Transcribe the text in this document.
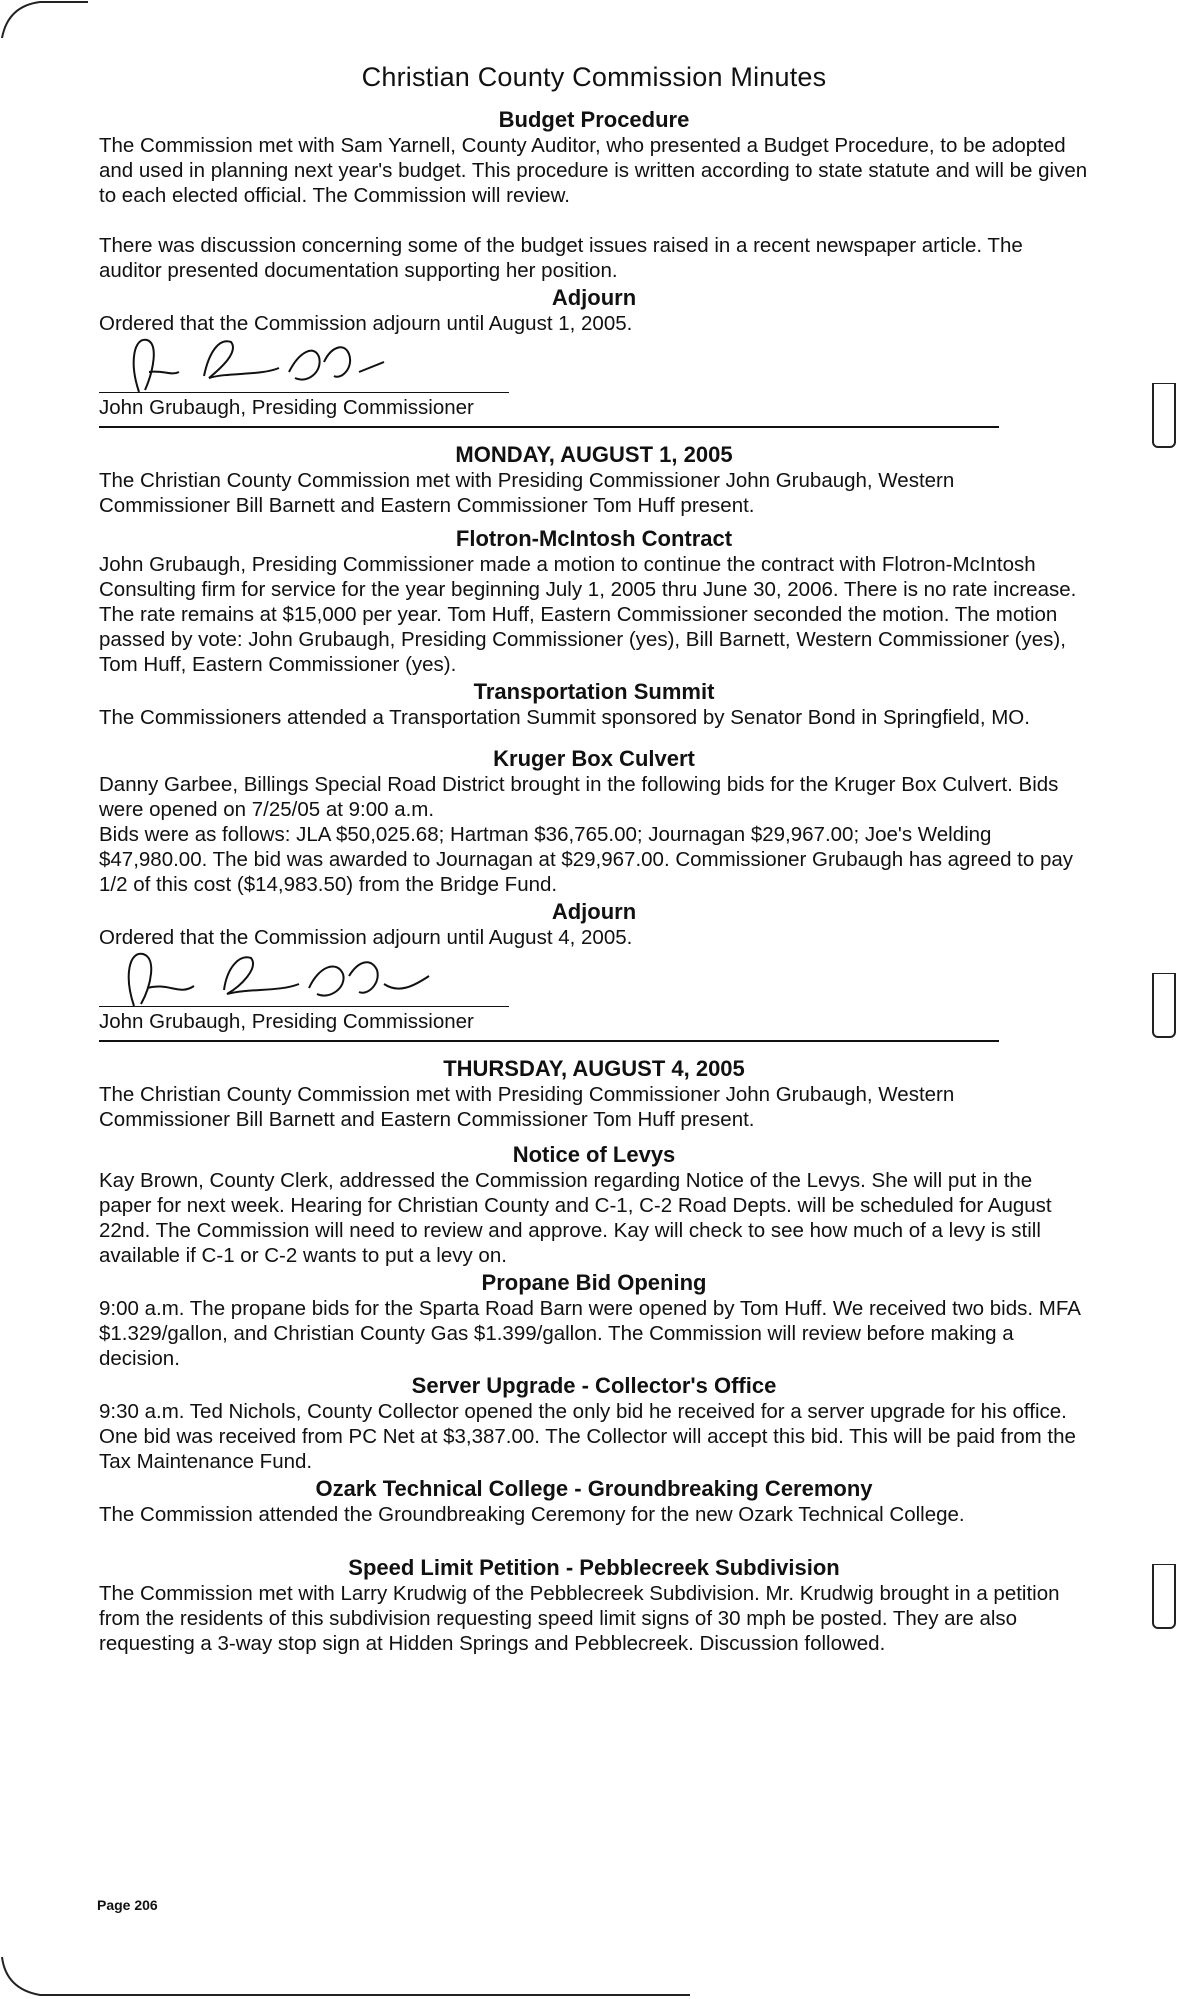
Christian County Commission Minutes
Budget Procedure

The Commission met with Sam Yarnell, County Auditor, who presented a Budget Procedure, to be adopted and used in planning next year's budget. This procedure is written according to state statute and will be given to each elected official. The Commission will review.

There was discussion concerning some of the budget issues raised in a recent newspaper article. The auditor presented documentation supporting her position.

Adjourn

Ordered that the Commission adjourn until August 1, 2005.

John Grubaugh, Presiding Commissioner
MONDAY, AUGUST 1, 2005

The Christian County Commission met with Presiding Commissioner John Grubaugh, Western Commissioner Bill Barnett and Eastern Commissioner Tom Huff present.

Flotron-McIntosh Contract

John Grubaugh, Presiding Commissioner made a motion to continue the contract with Flotron-McIntosh Consulting firm for service for the year beginning July 1, 2005 thru June 30, 2006. There is no rate increase. The rate remains at $15,000 per year. Tom Huff, Eastern Commissioner seconded the motion. The motion passed by vote: John Grubaugh, Presiding Commissioner (yes), Bill Barnett, Western Commissioner (yes), Tom Huff, Eastern Commissioner (yes).

Transportation Summit

The Commissioners attended a Transportation Summit sponsored by Senator Bond in Springfield, MO.

Kruger Box Culvert

Danny Garbee, Billings Special Road District brought in the following bids for the Kruger Box Culvert. Bids were opened on 7/25/05 at 9:00 a.m.

Bids were as follows: JLA $50,025.68; Hartman $36,765.00; Journagan $29,967.00; Joe's Welding $47,980.00. The bid was awarded to Journagan at $29,967.00. Commissioner Grubaugh has agreed to pay 1/2 of this cost ($14,983.50) from the Bridge Fund.

Adjourn

Ordered that the Commission adjourn until August 4, 2005.

John Grubaugh, Presiding Commissioner
THURSDAY, AUGUST 4, 2005

The Christian County Commission met with Presiding Commissioner John Grubaugh, Western Commissioner Bill Barnett and Eastern Commissioner Tom Huff present.

Notice of Levys

Kay Brown, County Clerk, addressed the Commission regarding Notice of the Levys. She will put in the paper for next week. Hearing for Christian County and C-1, C-2 Road Depts. will be scheduled for August 22nd. The Commission will need to review and approve. Kay will check to see how much of a levy is still available if C-1 or C-2 wants to put a levy on.

Propane Bid Opening

9:00 a.m. The propane bids for the Sparta Road Barn were opened by Tom Huff. We received two bids. MFA $1.329/gallon, and Christian County Gas $1.399/gallon. The Commission will review before making a decision.

Server Upgrade - Collector's Office

9:30 a.m. Ted Nichols, County Collector opened the only bid he received for a server upgrade for his office. One bid was received from PC Net at $3,387.00. The Collector will accept this bid. This will be paid from the Tax Maintenance Fund.

Ozark Technical College - Groundbreaking Ceremony

The Commission attended the Groundbreaking Ceremony for the new Ozark Technical College.

Speed Limit Petition - Pebblecreek Subdivision

The Commission met with Larry Krudwig of the Pebblecreek Subdivision. Mr. Krudwig brought in a petition from the residents of this subdivision requesting speed limit signs of 30 mph be posted. They are also requesting a 3-way stop sign at Hidden Springs and Pebblecreek. Discussion followed.

Page 206
